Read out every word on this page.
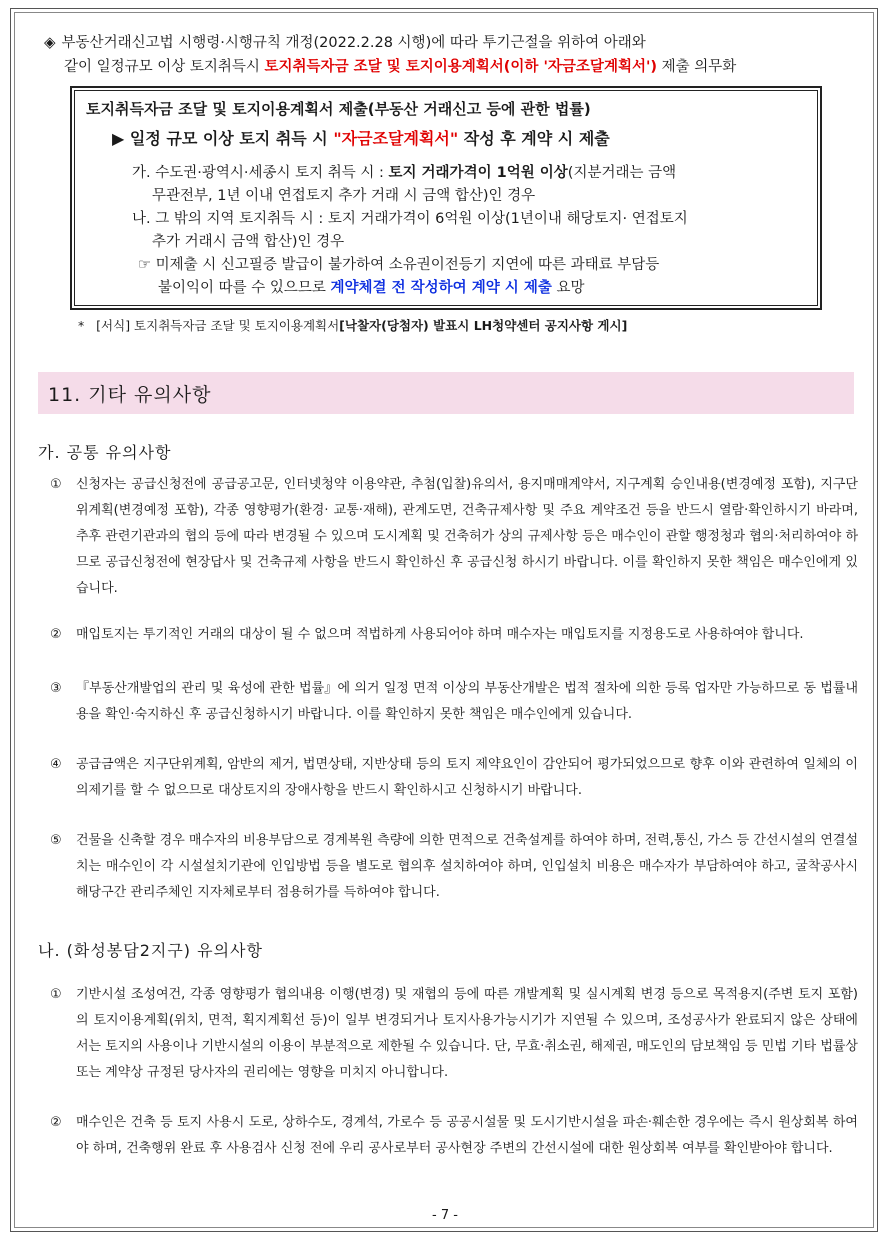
◈ 부동산거래신고법 시행령·시행규칙 개정(2022.2.28 시행)에 따라 투기근절을 위하여 아래와
같이 일정규모 이상 토지취득시 토지취득자금 조달 및 토지이용계획서(이하 '자금조달계획서') 제출 의무화
토지취득자금 조달 및 토지이용계획서 제출(부동산 거래신고 등에 관한 법률)
▶ 일정 규모 이상 토지 취득 시 "자금조달계획서" 작성 후 계약 시 제출
가. 수도권·광역시·세종시 토지 취득 시 : 토지 거래가격이 1억원 이상(지분거래는 금액
무관전부, 1년 이내 연접토지 추가 거래 시 금액 합산)인 경우
나. 그 밖의 지역 토지취득 시 : 토지 거래가격이 6억원 이상(1년이내 해당토지· 연접토지
추가 거래시 금액 합산)인 경우
☞ 미제출 시 신고필증 발급이 불가하여 소유권이전등기 지연에 따른 과태료 부담등
불이익이 따를 수 있으므로 계약체결 전 작성하여 계약 시 제출 요망
* [서식] 토지취득자금 조달 및 토지이용계획서[낙찰자(당첨자) 발표시 LH청약센터 공지사항 게시]
11. 기타 유의사항
가. 공통 유의사항
① 신청자는 공급신청전에 공급공고문, 인터넷청약 이용약관, 추첨(입찰)유의서, 용지매매계약서, 지구계획 승인내용(변경예정 포함), 지구단위계획(변경예정 포함), 각종 영향평가(환경· 교통·재해), 관계도면, 건축규제사항 및 주요 계약조건 등을 반드시 열람·확인하시기 바라며, 추후 관련기관과의 협의 등에 따라 변경될 수 있으며 도시계획 및 건축허가 상의 규제사항 등은 매수인이 관할 행정청과 협의·처리하여야 하므로 공급신청전에 현장답사 및 건축규제 사항을 반드시 확인하신 후 공급신청 하시기 바랍니다. 이를 확인하지 못한 책임은 매수인에게 있습니다.
② 매입토지는 투기적인 거래의 대상이 될 수 없으며 적법하게 사용되어야 하며 매수자는 매입토지를 지정용도로 사용하여야 합니다.
③ 『부동산개발업의 관리 및 육성에 관한 법률』에 의거 일정 면적 이상의 부동산개발은 법적 절차에 의한 등록 업자만 가능하므로 동 법률내용을 확인·숙지하신 후 공급신청하시기 바랍니다. 이를 확인하지 못한 책임은 매수인에게 있습니다.
④ 공급금액은 지구단위계획, 암반의 제거, 법면상태, 지반상태 등의 토지 제약요인이 감안되어 평가되었으므로 향후 이와 관련하여 일체의 이의제기를 할 수 없으므로 대상토지의 장애사항을 반드시 확인하시고 신청하시기 바랍니다.
⑤ 건물을 신축할 경우 매수자의 비용부담으로 경계복원 측량에 의한 면적으로 건축설계를 하여야 하며, 전력,통신, 가스 등 간선시설의 연결설치는 매수인이 각 시설설치기관에 인입방법 등을 별도로 협의후 설치하여야 하며, 인입설치 비용은 매수자가 부담하여야 하고, 굴착공사시 해당구간 관리주체인 지자체로부터 점용허가를 득하여야 합니다.
나. (화성봉담2지구) 유의사항
① 기반시설 조성여건, 각종 영향평가 협의내용 이행(변경) 및 재협의 등에 따른 개발계획 및 실시계획 변경 등으로 목적용지(주변 토지 포함)의 토지이용계획(위치, 면적, 획지계획선 등)이 일부 변경되거나 토지사용가능시기가 지연될 수 있으며, 조성공사가 완료되지 않은 상태에서는 토지의 사용이나 기반시설의 이용이 부분적으로 제한될 수 있습니다. 단, 무효·취소권, 해제권, 매도인의 담보책임 등 민법 기타 법률상 또는 계약상 규정된 당사자의 권리에는 영향을 미치지 아니합니다.
② 매수인은 건축 등 토지 사용시 도로, 상하수도, 경계석, 가로수 등 공공시설물 및 도시기반시설을 파손·훼손한 경우에는 즉시 원상회복 하여야 하며, 건축행위 완료 후 사용검사 신청 전에 우리 공사로부터 공사현장 주변의 간선시설에 대한 원상회복 여부를 확인받아야 합니다.
- 7 -
